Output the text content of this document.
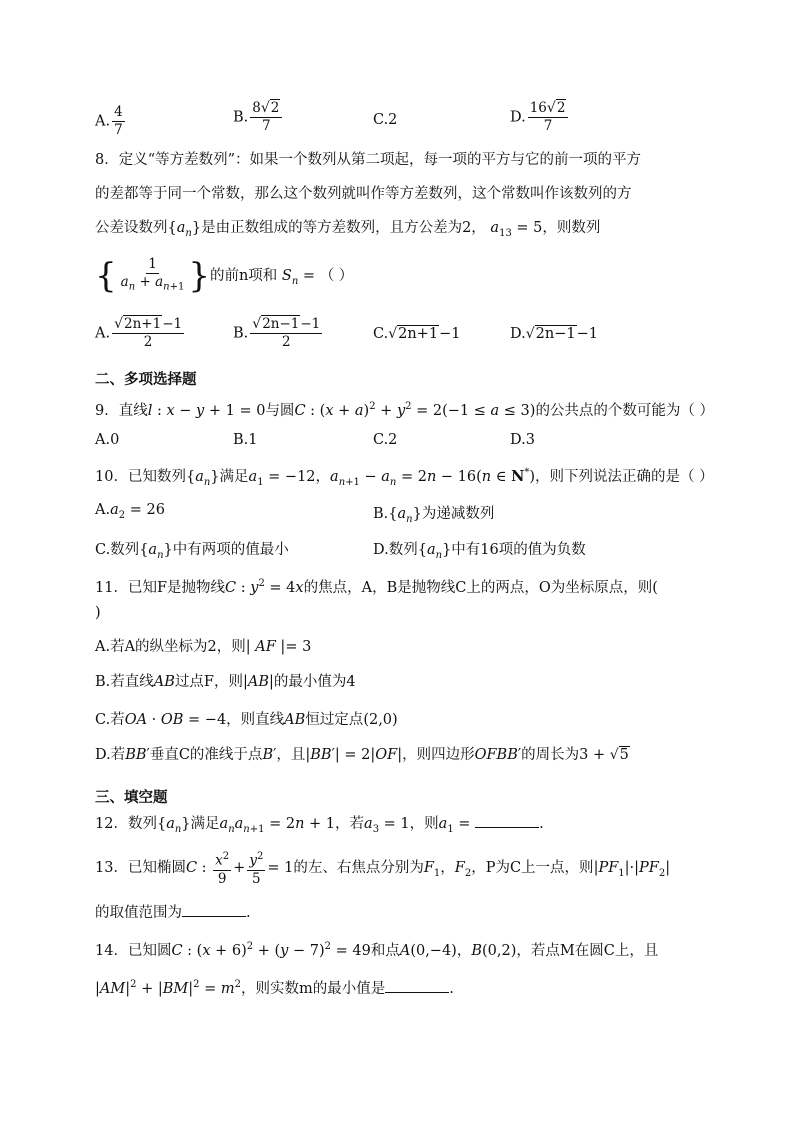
A. $\frac{4}{7}$	B. $\frac{8√2}{7}$	C.2	D. $\frac{16√2}{7}$
8．定义“等方差数列”：如果一个数列从第二项起，每一项的平方与它的前一项的平方
的差都等于同一个常数，那么这个数列就叫作等方差数列，这个常数叫作该数列的方
公差设数列$\{a_n\}$是由正数组成的等方差数列，且方公差为2， $a_{13} = 5$，则数列
{ $\frac{1}{a_n + a_{n+1}}$ }的前n项和 $S_n$ = （ ）
A. $\frac{√2n+1-1}{2}$	B. $\frac{√2n-1-1}{2}$	C.√2n+1−1	D.√2n−1−1
二、多项选择题
9．直线l : x − y + 1 = 0与圆C : $(x + a)^2 + y^2 = 2(-1 \le a \le 3)$的公共点的个数可能为（ ）
A.0	B.1	C.2	D.3
10．已知数列$\{a_n\}$满足$a_1 = -12$，$a_{n+1} - a_n = 2n - 16(n$ ∈ N*)，则下列说法正确的是（ ）
$A.a_2 = 26$	$B.\{a_n\}$为递减数列
C.数列$\{a_n\}$中有两项的值最小	D.数列$\{a_n\}$中有16项的值为负数
11．已知F是抛物线C : $y^2 = 4x$的焦点，A，B是抛物线C上的两点，O为坐标原点，则(
)
A.若A的纵坐标为2，则| AF |= 3
B.若直线AB过点F，则|AB|的最小值为4
C.若OA · OB = −4，则直线AB恒过定点(2,0)
D.若BB′垂直C的准线于点B′，且|BB′| = 2|OF|，则四边形OFBB′的周长为3 + √5
三、填空题
12．数列$\{a_n\}$满足$a_na_{n+1} = 2n + 1$，若$a_3 = 1$，则$a_1$ =	.
13．已知椭圆C : $\frac{x^2}{9} + \frac{y^2}{5} = 1$的左、右焦点分别为$F_1$，$F_2$，P为C上一点，则$|PF_1|\cdot|PF_2|$
的取值范围为	.
14．已知圆C : $(x + 6)^2 + (y - 7)^2 = 49$和点A(0,−4)，B(0,2)，若点M在圆C上，且
$|AM|^2 + |BM|^2 = m^2$，则实数m的最小值是	.
